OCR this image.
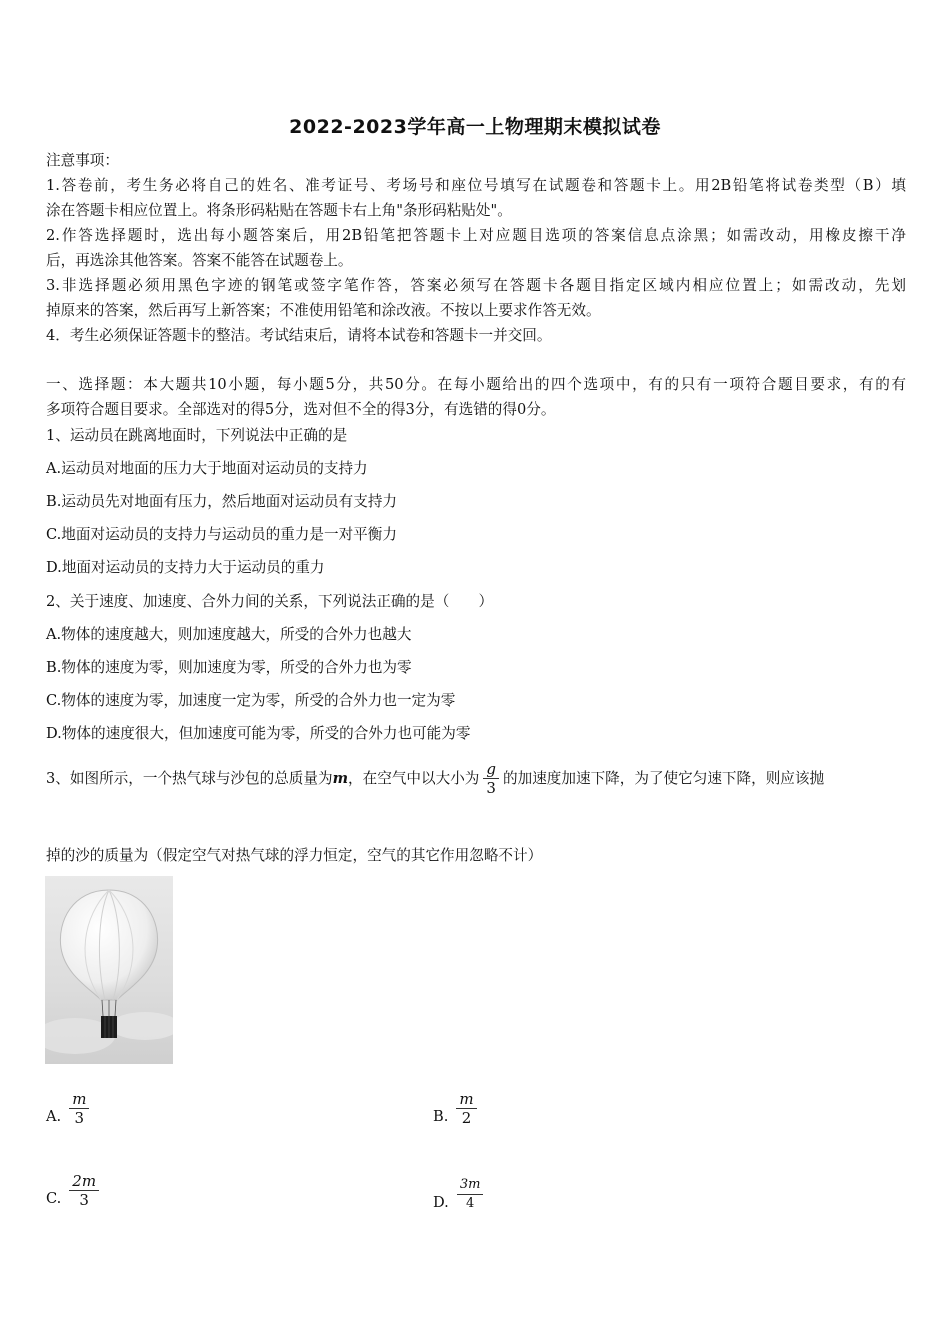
2022-2023学年高一上物理期末模拟试卷
注意事项：
1.答卷前，考生务必将自己的姓名、准考证号、考场号和座位号填写在试题卷和答题卡上。用2B铅笔将试卷类型（B）填
涂在答题卡相应位置上。将条形码粘贴在答题卡右上角"条形码粘贴处"。
2.作答选择题时，选出每小题答案后，用2B铅笔把答题卡上对应题目选项的答案信息点涂黑；如需改动，用橡皮擦干净
后，再选涂其他答案。答案不能答在试题卷上。
3.非选择题必须用黑色字迹的钢笔或签字笔作答，答案必须写在答题卡各题目指定区域内相应位置上；如需改动，先划
掉原来的答案，然后再写上新答案；不准使用铅笔和涂改液。不按以上要求作答无效。
4．考生必须保证答题卡的整洁。考试结束后，请将本试卷和答题卡一并交回。
一、选择题：本大题共10小题，每小题5分，共50分。在每小题给出的四个选项中，有的只有一项符合题目要求，有的有
多项符合题目要求。全部选对的得5分，选对但不全的得3分，有选错的得0分。
1、运动员在跳离地面时，下列说法中正确的是
A.运动员对地面的压力大于地面对运动员的支持力
B.运动员先对地面有压力，然后地面对运动员有支持力
C.地面对运动员的支持力与运动员的重力是一对平衡力
D.地面对运动员的支持力大于运动员的重力
2、关于速度、加速度、合外力间的关系，下列说法正确的是（　　）
A.物体的速度越大，则加速度越大，所受的合外力也越大
B.物体的速度为零，则加速度为零，所受的合外力也为零
C.物体的速度为零，加速度一定为零，所受的合外力也一定为零
D.物体的速度很大，但加速度可能为零，所受的合外力也可能为零
3、如图所示，一个热气球与沙包的总质量为 m ，在空气中以大小为 $\frac{g}{3}$ 的加速度加速下降，为了使它匀速下降，则应该抛
掉的沙的质量为（假定空气对热气球的浮力恒定，空气的其它作用忽略不计）
A. $\frac{m}{3}$	B. $\frac{m}{2}$
C. $\frac{2m}{3}$	D. $\frac{3m}{4}$
